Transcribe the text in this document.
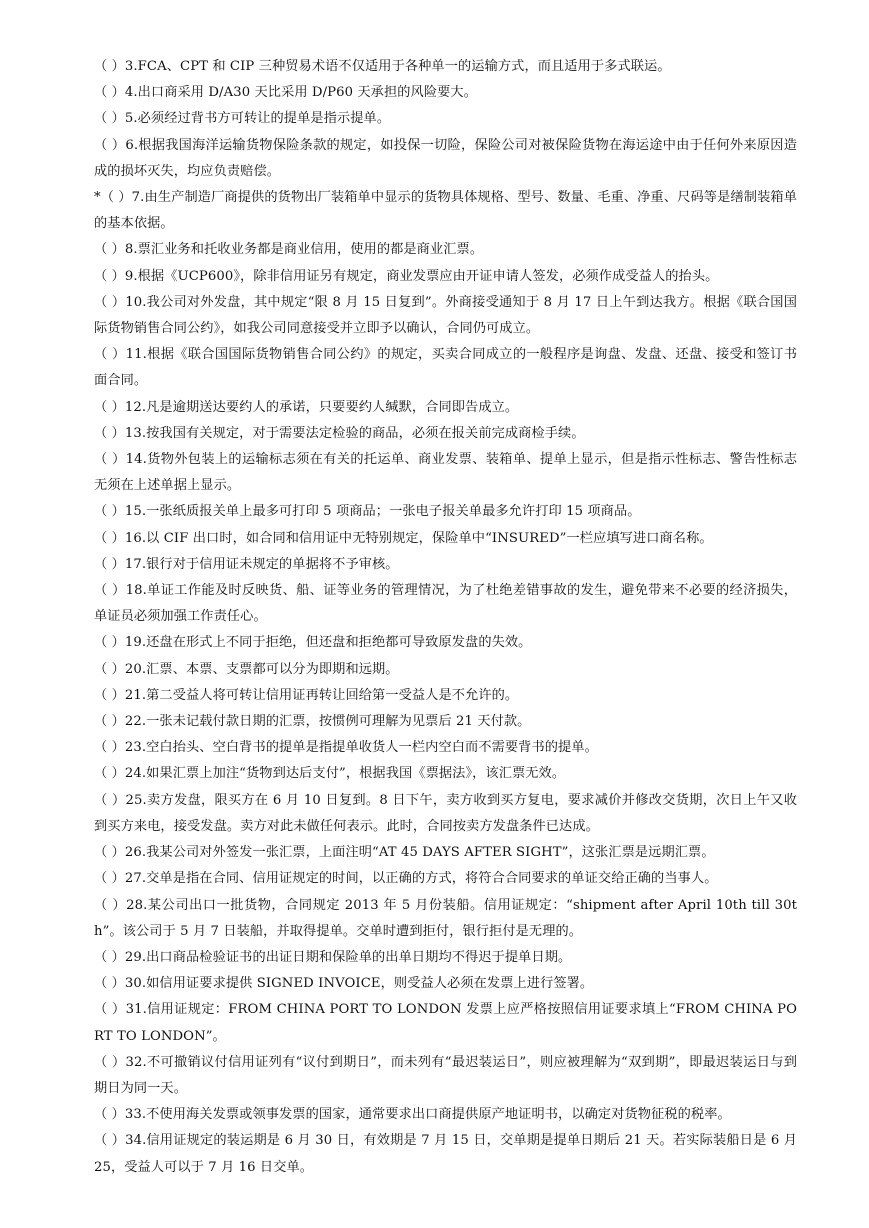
（ ）3.FCA、CPT 和 CIP 三种贸易术语不仅适用于各种单一的运输方式，而且适用于多式联运。

（ ）4.出口商采用 D/A30 天比采用 D/P60 天承担的风险要大。

（ ）5.必须经过背书方可转让的提单是指示提单。

（ ）6.根据我国海洋运输货物保险条款的规定，如投保一切险，保险公司对被保险货物在海运途中由于任何外来原因造成的损坏灭失，均应负责赔偿。

*（ ）7.由生产制造厂商提供的货物出厂装箱单中显示的货物具体规格、型号、数量、毛重、净重、尺码等是缮制装箱单的基本依据。

（ ）8.票汇业务和托收业务都是商业信用，使用的都是商业汇票。

（ ）9.根据《UCP600》，除非信用证另有规定，商业发票应由开证申请人签发，必须作成受益人的抬头。

（ ）10.我公司对外发盘，其中规定“限 8 月 15 日复到”。外商接受通知于 8 月 17 日上午到达我方。根据《联合国国际货物销售合同公约》，如我公司同意接受并立即予以确认，合同仍可成立。

（ ）11.根据《联合国国际货物销售合同公约》的规定，买卖合同成立的一般程序是询盘、发盘、还盘、接受和签订书面合同。

（ ）12.凡是逾期送达要约人的承诺，只要要约人缄默，合同即告成立。

（ ）13.按我国有关规定，对于需要法定检验的商品，必须在报关前完成商检手续。

（ ）14.货物外包装上的运输标志须在有关的托运单、商业发票、装箱单、提单上显示，但是指示性标志、警告性标志无须在上述单据上显示。

（ ）15.一张纸质报关单上最多可打印 5 项商品；一张电子报关单最多允许打印 15 项商品。

（ ）16.以 CIF 出口时，如合同和信用证中无特别规定，保险单中“INSURED”一栏应填写进口商名称。

（ ）17.银行对于信用证未规定的单据将不予审核。

（ ）18.单证工作能及时反映货、船、证等业务的管理情况，为了杜绝差错事故的发生，避免带来不必要的经济损失，单证员必须加强工作责任心。

（ ）19.还盘在形式上不同于拒绝，但还盘和拒绝都可导致原发盘的失效。

（ ）20.汇票、本票、支票都可以分为即期和远期。

（ ）21.第二受益人将可转让信用证再转让回给第一受益人是不允许的。

（ ）22.一张未记载付款日期的汇票，按惯例可理解为见票后 21 天付款。

（ ）23.空白抬头、空白背书的提单是指提单收货人一栏内空白而不需要背书的提单。

（ ）24.如果汇票上加注“货物到达后支付”，根据我国《票据法》，该汇票无效。

（ ）25.卖方发盘，限买方在 6 月 10 日复到。8 日下午，卖方收到买方复电，要求减价并修改交货期，次日上午又收到买方来电，接受发盘。卖方对此未做任何表示。此时，合同按卖方发盘条件已达成。

（ ）26.我某公司对外签发一张汇票，上面注明“AT 45 DAYS AFTER SIGHT”，这张汇票是远期汇票。

（ ）27.交单是指在合同、信用证规定的时间，以正确的方式，将符合合同要求的单证交给正确的当事人。

（ ）28.某公司出口一批货物，合同规定 2013 年 5 月份装船。信用证规定：“shipment after April 10th till 30th”。该公司于 5 月 7 日装船，并取得提单。交单时遭到拒付，银行拒付是无理的。

（ ）29.出口商品检验证书的出证日期和保险单的出单日期均不得迟于提单日期。

（ ）30.如信用证要求提供 SIGNED INVOICE，则受益人必须在发票上进行签署。

（ ）31.信用证规定：FROM CHINA PORT TO LONDON 发票上应严格按照信用证要求填上“FROM CHINA PORT TO LONDON”。

（ ）32.不可撤销议付信用证列有“议付到期日”，而未列有“最迟装运日”，则应被理解为“双到期”，即最迟装运日与到期日为同一天。

（ ）33.不使用海关发票或领事发票的国家，通常要求出口商提供原产地证明书，以确定对货物征税的税率。

（ ）34.信用证规定的装运期是 6 月 30 日，有效期是 7 月 15 日，交单期是提单日期后 21 天。若实际装船日是 6 月 25，受益人可以于 7 月 16 日交单。
